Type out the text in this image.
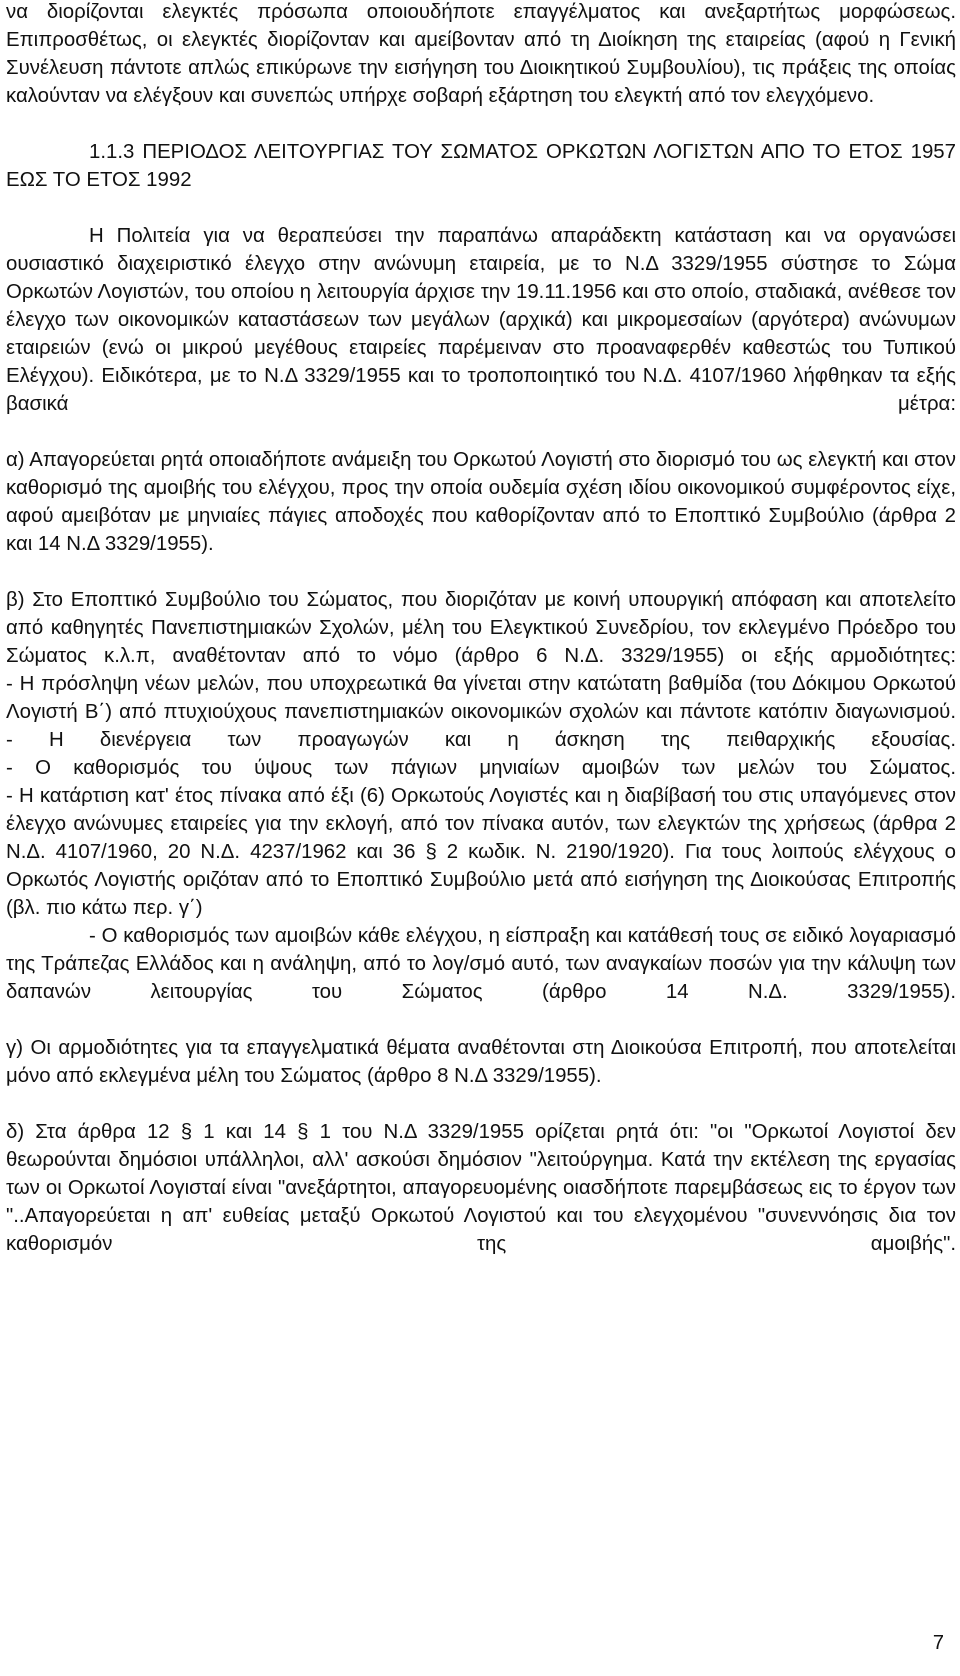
να διορίζονται ελεγκτές πρόσωπα οποιουδήποτε επαγγέλματος και ανεξαρτήτως μορφώσεως. Επιπροσθέτως, οι ελεγκτές διορίζονταν και αμείβονταν από τη Διοίκηση της εταιρείας (αφού η Γενική Συνέλευση πάντοτε απλώς επικύρωνε την εισήγηση του Διοικητικού Συμβουλίου), τις πράξεις της οποίας καλούνταν να ελέγξουν και συνεπώς υπήρχε σοβαρή εξάρτηση του ελεγκτή από τον ελεγχόμενο.

1.1.3 ΠΕΡΙΟΔΟΣ ΛΕΙΤΟΥΡΓΙΑΣ ΤΟΥ ΣΩΜΑΤΟΣ ΟΡΚΩΤΩΝ ΛΟΓΙΣΤΩΝ ΑΠΟ ΤΟ ΕΤΟΣ 1957 ΕΩΣ ΤΟ ΕΤΟΣ 1992

Η Πολιτεία για να θεραπεύσει την παραπάνω απαράδεκτη κατάσταση και να οργανώσει ουσιαστικό διαχειριστικό έλεγχο στην ανώνυμη εταιρεία, με το Ν.Δ 3329/1955 σύστησε το Σώμα Ορκωτών Λογιστών, του οποίου η λειτουργία άρχισε την 19.11.1956 και στο οποίο, σταδιακά, ανέθεσε τον έλεγχο των οικονομικών καταστάσεων των μεγάλων (αρχικά) και μικρομεσαίων (αργότερα) ανώνυμων εταιρειών (ενώ οι μικρού μεγέθους εταιρείες παρέμειναν στο προαναφερθέν καθεστώς του Τυπικού Ελέγχου). Ειδικότερα, με το Ν.Δ 3329/1955 και το τροποποιητικό του Ν.Δ. 4107/1960 λήφθηκαν τα εξής βασικά μέτρα:

α) Απαγορεύεται ρητά οποιαδήποτε ανάμειξη του Ορκωτού Λογιστή στο διορισμό του ως ελεγκτή και στον καθορισμό της αμοιβής του ελέγχου, προς την οποία ουδεμία σχέση ιδίου οικονομικού συμφέροντος είχε, αφού αμειβόταν με μηνιαίες πάγιες αποδοχές που καθορίζονταν από το Εποπτικό Συμβούλιο (άρθρα 2 και 14 Ν.Δ 3329/1955).

β) Στο Εποπτικό Συμβούλιο του Σώματος, που διοριζόταν με κοινή υπουργική απόφαση και αποτελείτο από καθηγητές Πανεπιστημιακών Σχολών, μέλη του Ελεγκτικού Συνεδρίου, τον εκλεγμένο Πρόεδρο του Σώματος κ.λ.π, αναθέτονταν από το νόμο (άρθρο 6 Ν.Δ. 3329/1955) οι εξής αρμοδιότητες:

- Η πρόσληψη νέων μελών, που υποχρεωτικά θα γίνεται στην κατώτατη βαθμίδα (του Δόκιμου Ορκωτού Λογιστή Β΄) από πτυχιούχους πανεπιστημιακών οικονομικών σχολών και πάντοτε κατόπιν διαγωνισμού.

- Η διενέργεια των προαγωγών και η άσκηση της πειθαρχικής εξουσίας.

- Ο καθορισμός του ύψους των πάγιων μηνιαίων αμοιβών των μελών του Σώματος.

- Η κατάρτιση κατ' έτος πίνακα από έξι (6) Ορκωτούς Λογιστές και η διαβίβασή του στις υπαγόμενες στον έλεγχο ανώνυμες εταιρείες για την εκλογή, από τον πίνακα αυτόν, των ελεγκτών της χρήσεως (άρθρα 2 Ν.Δ. 4107/1960, 20 Ν.Δ. 4237/1962 και 36 § 2 κωδικ. Ν. 2190/1920). Για τους λοιπούς ελέγχους ο Ορκωτός Λογιστής οριζόταν από το Εποπτικό Συμβούλιο μετά από εισήγηση της Διοικούσας Επιτροπής (βλ. πιο κάτω περ. γ΄)

- Ο καθορισμός των αμοιβών κάθε ελέγχου, η είσπραξη και κατάθεσή τους σε ειδικό λογαριασμό της Τράπεζας Ελλάδος και η ανάληψη, από το λογ/σμό αυτό, των αναγκαίων ποσών για την κάλυψη των δαπανών λειτουργίας του Σώματος (άρθρο 14 Ν.Δ. 3329/1955).

γ) Οι αρμοδιότητες για τα επαγγελματικά θέματα αναθέτονται στη Διοικούσα Επιτροπή, που αποτελείται μόνο από εκλεγμένα μέλη του Σώματος (άρθρο 8 Ν.Δ 3329/1955).

δ) Στα άρθρα 12 § 1 και 14 § 1 του Ν.Δ 3329/1955 ορίζεται ρητά ότι: "οι "Ορκωτοί Λογιστοί δεν θεωρούνται δημόσιοι υπάλληλοι, αλλ' ασκούσι δημόσιον "λειτούργημα. Κατά την εκτέλεση της εργασίας των οι Ορκωτοί Λογισταί είναι "ανεξάρτητοι, απαγορευομένης οιασδήποτε παρεμβάσεως εις το έργον των "..Απαγορεύεται η απ' ευθείας μεταξύ Ορκωτού Λογιστού και του ελεγχομένου "συνεννόησις δια τον καθορισμόν της αμοιβής".

7
